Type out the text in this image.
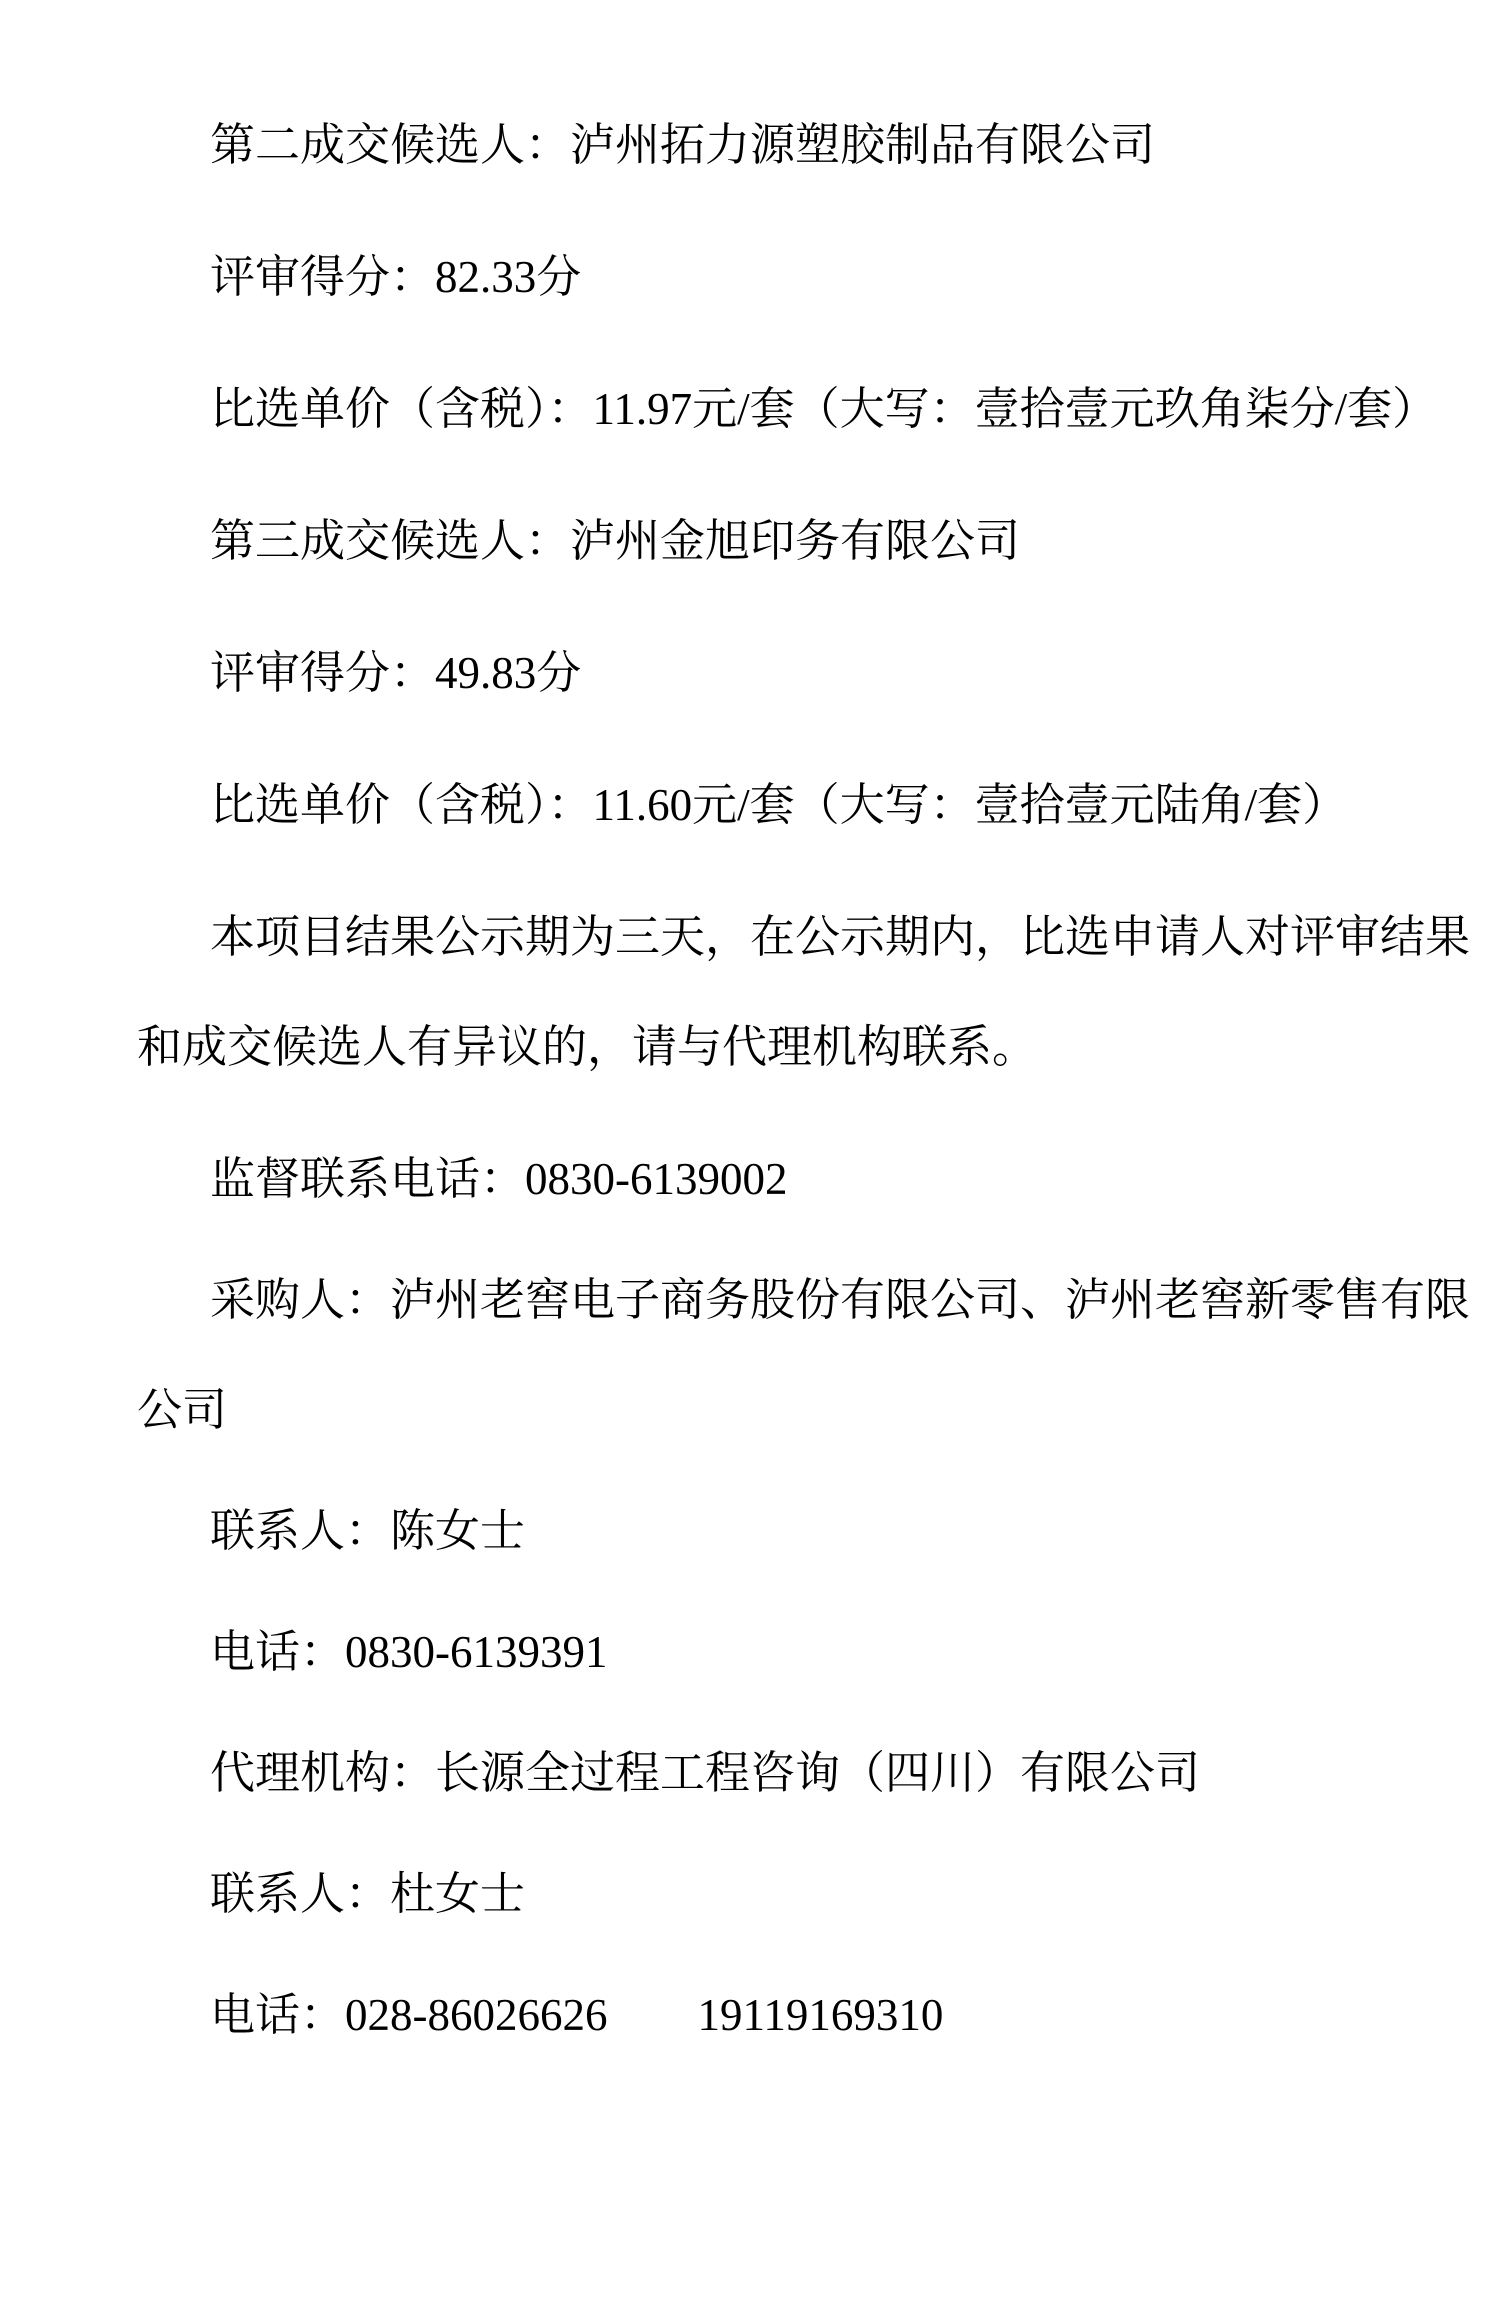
第二成交候选人：泸州拓力源塑胶制品有限公司
评审得分：82.33分
比选单价（含税）：11.97元/套（大写：壹拾壹元玖角柒分/套）
第三成交候选人：泸州金旭印务有限公司
评审得分：49.83分
比选单价（含税）：11.60元/套（大写：壹拾壹元陆角/套）
本项目结果公示期为三天，在公示期内，比选申请人对评审结果
和成交候选人有异议的，请与代理机构联系。
监督联系电话：0830-6139002
采购人：泸州老窖电子商务股份有限公司、泸州老窖新零售有限
公司
联系人：陈女士
电话：0830-6139391
代理机构：长源全过程工程咨询（四川）有限公司
联系人：杜女士
电话：028-86026626　　19119169310
